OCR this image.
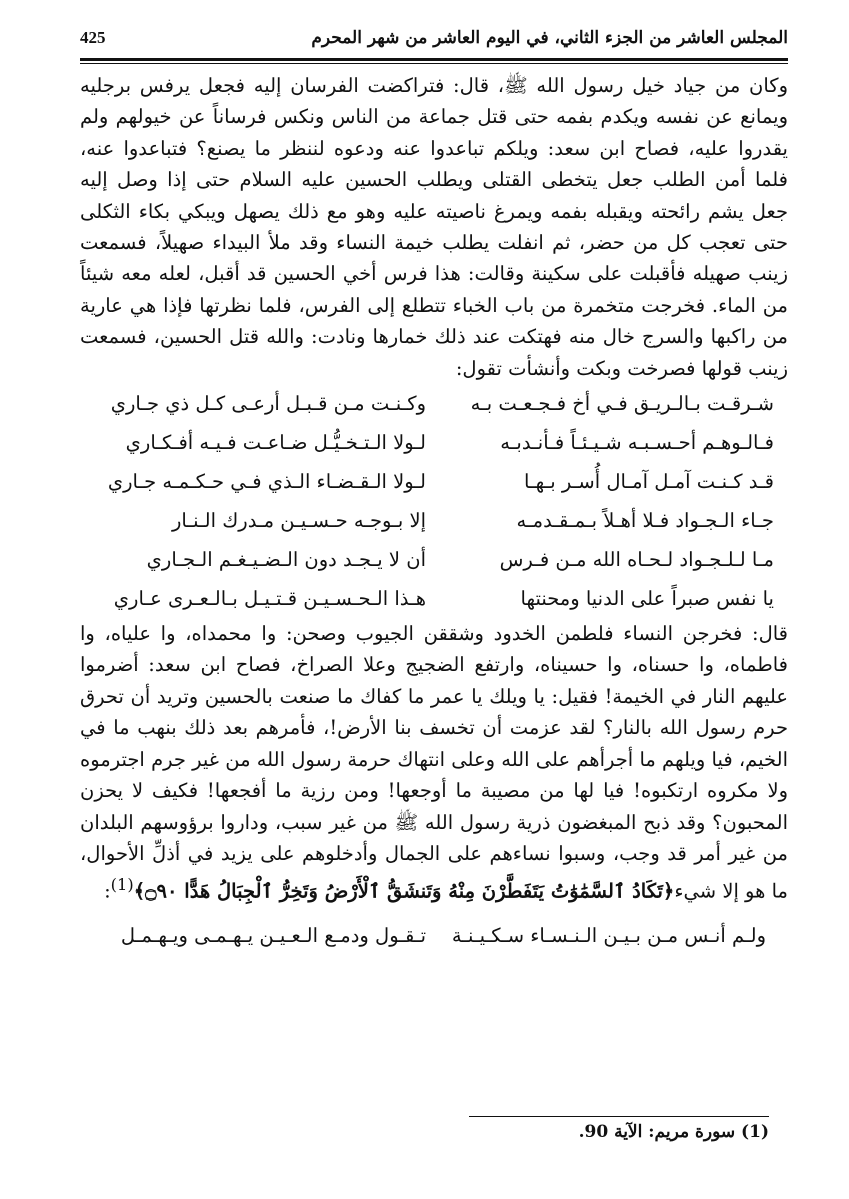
425	المجلس العاشر من الجزء الثاني، في اليوم العاشر من شهر المحرم

وكان من جياد خيل رسول الله ﷺ، قال: فتراكضت الفرسان إليه فجعل يرفس برجليه ويمانع عن نفسه ويكدم بفمه حتى قتل جماعة من الناس ونكس فرساناً عن خيولهم ولم يقدروا عليه، فصاح ابن سعد: ويلكم تباعدوا عنه ودعوه لننظر ما يصنع؟ فتباعدوا عنه، فلما أمن الطلب جعل يتخطى القتلى ويطلب الحسين عليه السلام حتى إذا وصل إليه جعل يشم رائحته ويقبله بفمه ويمرغ ناصيته عليه وهو مع ذلك يصهل ويبكي بكاء الثكلى حتى تعجب كل من حضر، ثم انفلت يطلب خيمة النساء وقد ملأ البيداء صهيلاً، فسمعت زينب صهيله فأقبلت على سكينة وقالت: هذا فرس أخي الحسين قد أقبل، لعله معه شيئاً من الماء. فخرجت متخمرة من باب الخباء تتطلع إلى الفرس، فلما نظرتها فإذا هي عارية من راكبها والسرج خال منه فهتكت عند ذلك خمارها ونادت: والله قتل الحسين، فسمعت زينب قولها فصرخت وبكت وأنشأت تقول:

شـرقـت بـالـريـق فـي أخ فـجـعـت بـه
وكـنـت مـن قـبـل أرعـى كـل ذي جـاري
فـالـوهـم أحـسـبـه شـيـئـاً فـأنـدبـه
لـولا الـتـخـيُّـل ضـاعـت فـيـه أفـكـاري
قـد كـنـت آمـل آمـال أُسـر بـهـا
لـولا الـقـضـاء الـذي فـي حـكـمـه جـاري
جـاء الـجـواد فـلا أهـلاً بـمـقـدمـه
إلا بـوجـه حـسـيـن مـدرك الـنـار
مـا لـلـجـواد لـحـاه الله مـن فـرس
أن لا يـجـد دون الـضـيـغـم الـجـاري
يا نفس صبراً على الدنيا ومحنتها
هـذا الـحـسـيـن قـتـيـل بـالـعـرى عـاري

قال: فخرجن النساء فلطمن الخدود وشققن الجيوب وصحن: وا محمداه، وا علياه، وا فاطماه، وا حسناه، وا حسيناه، وارتفع الضجيج وعلا الصراخ، فصاح ابن سعد: أضرموا عليهم النار في الخيمة! فقيل: يا ويلك يا عمر ما كفاك ما صنعت بالحسين وتريد أن تحرق حرم رسول الله بالنار؟ لقد عزمت أن تخسف بنا الأرض!، فأمرهم بعد ذلك بنهب ما في الخيم، فيا ويلهم ما أجرأهم على الله وعلى انتهاك حرمة رسول الله من غير جرم اجترموه ولا مكروه ارتكبوه! فيا لها من مصيبة ما أوجعها! ومن رزية ما أفجعها! فكيف لا يحزن المحبون؟ وقد ذبح المبغضون ذرية رسول الله ﷺ من غير سبب، وداروا برؤوسهم البلدان من غير أمر قد وجب، وسبوا نساءهم على الجمال وأدخلوهم على يزيد في أذلِّ الأحوال، ما هو إلا شيء﴿تَكَادُ ٱلسَّمَٰوَٰتُ يَتَفَطَّرْنَ مِنْهُ وَتَنشَقُّ ٱلْأَرْضُ وَتَخِرُّ ٱلْجِبَالُ هَدًّا ۝٩٠﴾$^{(1)}$:

ولـم أنـس مـن بـيـن الـنـسـاء سـكـيـنـة
تـقـول ودمـع الـعـيـن يـهـمـى ويـهـمـل
(1) سورة مريم: الآية 90.
